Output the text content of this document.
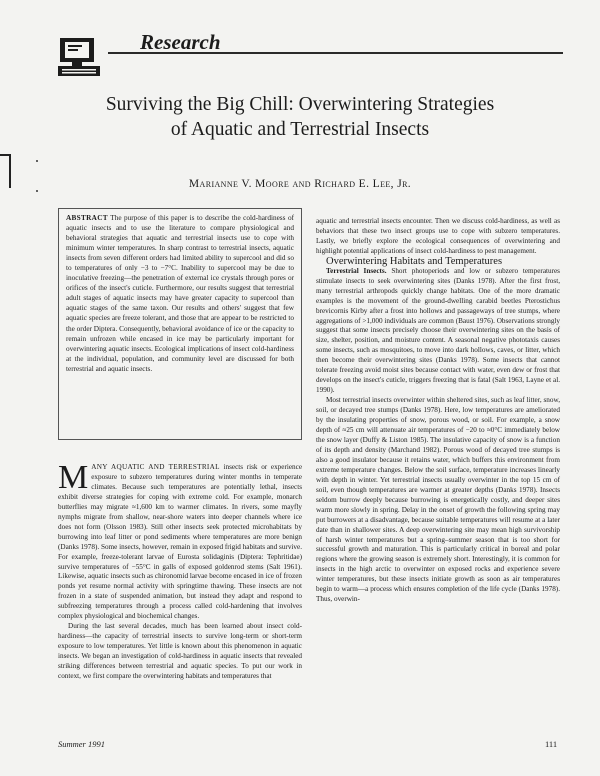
Research
Surviving the Big Chill: Overwintering Strategies
of Aquatic and Terrestrial Insects
Marianne V. Moore and Richard E. Lee, Jr.
ABSTRACT The purpose of this paper is to describe the cold-hardiness of aquatic insects and to use the literature to compare physiological and behavioral strategies that aquatic and terrestrial insects use to cope with minimum winter temperatures. In sharp contrast to terrestrial insects, aquatic insects from seven different orders had limited ability to supercool and did so to temperatures of only −3 to −7°C. Inability to supercool may be due to inoculative freezing—the penetration of external ice crystals through pores or orifices of the insect's cuticle. Furthermore, our results suggest that terrestrial adult stages of aquatic insects may have greater capacity to supercool than aquatic stages of the same taxon. Our results and others' suggest that few aquatic species are freeze tolerant, and those that are appear to be restricted to the order Diptera. Consequently, behavioral avoidance of ice or the capacity to remain unfrozen while encased in ice may be particularly important for overwintering aquatic insects. Ecological implications of insect cold-hardiness at the individual, population, and community level are discussed for both terrestrial and aquatic insects.

MANY AQUATIC AND TERRESTRIAL insects risk or experience exposure to subzero temperatures during winter months in temperate climates. Because such temperatures are potentially lethal, insects exhibit diverse strategies for coping with extreme cold. For example, monarch butterflies may migrate ≈1,600 km to warmer climates. In rivers, some mayfly nymphs migrate from shallow, near-shore waters into deeper channels where ice does not form (Olsson 1983). Still other insects seek protected microhabitats by burrowing into leaf litter or pond sediments where temperatures are more benign (Danks 1978). Some insects, however, remain in exposed frigid habitats and survive. For example, freeze-tolerant larvae of Eurosta solidaginis (Diptera: Tephritidae) survive temperatures of −55°C in galls of exposed goldenrod stems (Salt 1961). Likewise, aquatic insects such as chironomid larvae become encased in ice of frozen ponds yet resume normal activity with springtime thawing. These insects are not frozen in a state of suspended animation, but instead they adapt and respond to subfreezing temperatures through a process called cold-hardening that involves complex physiological and biochemical changes.

During the last several decades, much has been learned about insect cold-hardiness—the capacity of terrestrial insects to survive long-term or short-term exposure to low temperatures. Yet little is known about this phenomenon in aquatic insects. We began an investigation of cold-hardiness in aquatic insects that revealed striking differences between terrestrial and aquatic species. To put our work in context, we first compare the overwintering habitats and temperatures that

aquatic and terrestrial insects encounter. Then we discuss cold-hardiness, as well as behaviors that these two insect groups use to cope with subzero temperatures. Lastly, we briefly explore the ecological consequences of overwintering and highlight potential applications of insect cold-hardiness to pest management.

Overwintering Habitats and Temperatures

Terrestrial Insects. Short photoperiods and low or subzero temperatures stimulate insects to seek overwintering sites (Danks 1978). After the first frost, many terrestrial arthropods quickly change habitats. One of the more dramatic examples is the movement of the ground-dwelling carabid beetles Pterostichus brevicornis Kirby after a frost into hollows and passageways of tree stumps, where aggregations of >1,000 individuals are common (Baust 1976). Observations strongly suggest that some insects precisely choose their overwintering sites on the basis of size, shelter, position, and moisture content. A seasonal negative phototaxis causes some insects, such as mosquitoes, to move into dark hollows, caves, or litter, which then become their overwintering sites (Danks 1978). Some insects that cannot tolerate freezing avoid moist sites because contact with water, even dew or frost that develops on the insect's cuticle, triggers freezing that is fatal (Salt 1963, Layne et al. 1990).

Most terrestrial insects overwinter within sheltered sites, such as leaf litter, snow, soil, or decayed tree stumps (Danks 1978). Here, low temperatures are ameliorated by the insulating properties of snow, porous wood, or soil. For example, a snow depth of ≈25 cm will attenuate air temperatures of −20 to ≈0°C immediately below the snow layer (Duffy & Liston 1985). The insulative capacity of snow is a function of its depth and density (Marchand 1982). Porous wood of decayed tree stumps is also a good insulator because it retains water, which buffers this environment from extreme temperature changes. Below the soil surface, temperature increases linearly with depth in winter. Yet terrestrial insects usually overwinter in the top 15 cm of soil, even though temperatures are warmer at greater depths (Danks 1978). Insects seldom burrow deeply because burrowing is energetically costly, and deeper sites warm more slowly in spring. Delay in the onset of growth the following spring may put burrowers at a disadvantage, because suitable temperatures will resume at a later date than in shallower sites. A deep overwintering site may mean high survivorship of harsh winter temperatures but a spring–summer season that is too short for successful growth and maturation. This is particularly critical in boreal and polar regions where the growing season is extremely short. Interestingly, it is common for insects in the high arctic to overwinter on exposed rocks and experience severe winter temperatures, but these insects initiate growth as soon as air temperatures begin to warm—a process which ensures completion of the life cycle (Danks 1978). Thus, overwin-

Summer 1991	111
